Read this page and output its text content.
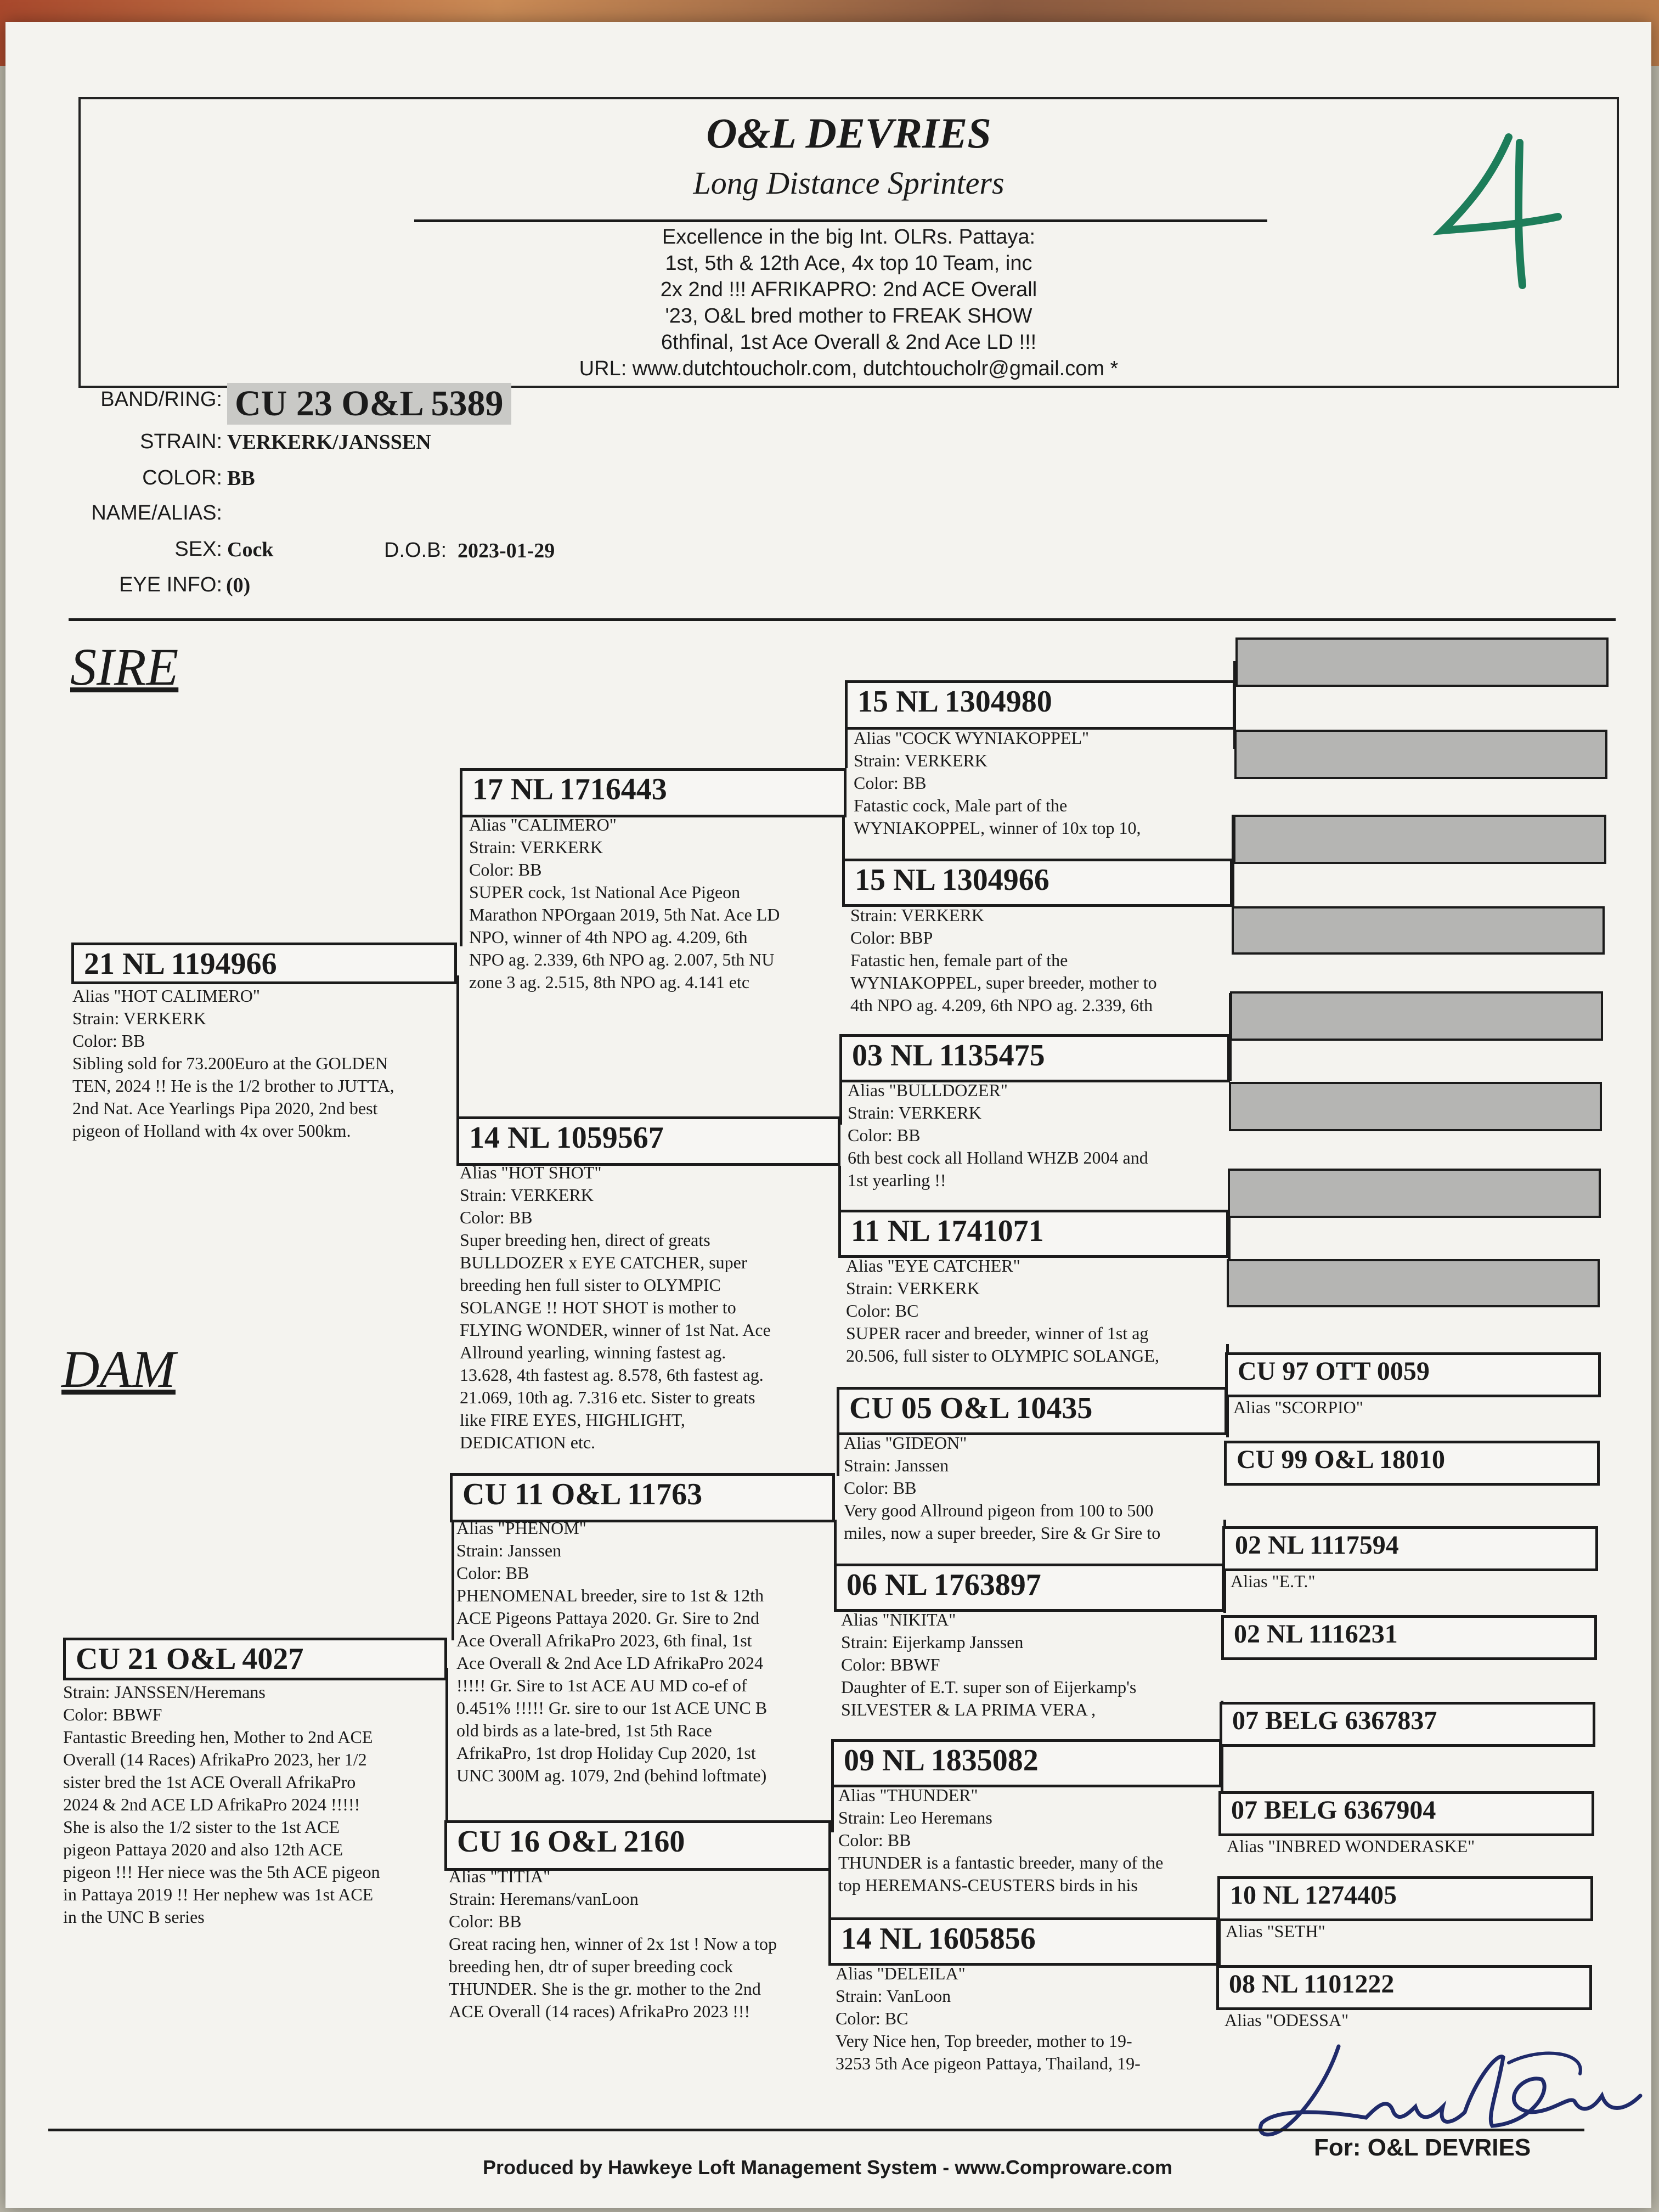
O&L DEVRIES
Long Distance Sprinters
Excellence in the big Int. OLRs. Pattaya:
1st, 5th & 12th Ace, 4x top 10 Team, inc
2x 2nd !!! AFRIKAPRO: 2nd ACE Overall
'23, O&L bred mother to FREAK SHOW
6thfinal, 1st Ace Overall & 2nd Ace LD !!!
URL: www.dutchtoucholr.com, dutchtoucholr@gmail.com *
BAND/RING: CU 23 O&L 5389
STRAIN: VERKERK/JANSSEN
COLOR: BB
NAME/ALIAS:
SEX: Cock	D.O.B: 2023-01-29
EYE INFO: (0)
SIRE
DAM
21 NL 1194966
Alias "HOT CALIMERO"
Strain: VERKERK
Color: BB
Sibling sold for 73.200Euro at the GOLDEN
TEN, 2024 !! He is the 1/2 brother to JUTTA,
2nd Nat. Ace Yearlings Pipa 2020, 2nd best
pigeon of Holland with 4x over 500km.
CU 21 O&L 4027
Strain: JANSSEN/Heremans
Color: BBWF
Fantastic Breeding hen, Mother to 2nd ACE
Overall (14 Races) AfrikaPro 2023, her 1/2
sister bred the 1st ACE Overall AfrikaPro
2024 & 2nd ACE LD AfrikaPro 2024 !!!!!
She is also the 1/2 sister to the 1st ACE
pigeon Pattaya 2020 and also 12th ACE
pigeon !!! Her niece was the 5th ACE pigeon
in Pattaya 2019 !! Her nephew was 1st ACE
in the UNC B series
17 NL 1716443
Alias "CALIMERO"
Strain: VERKERK
Color: BB
SUPER cock, 1st National Ace Pigeon
Marathon NPOrgaan 2019, 5th Nat. Ace LD
NPO, winner of 4th NPO ag. 4.209, 6th
NPO ag. 2.339, 6th NPO ag. 2.007, 5th NU
zone 3 ag. 2.515, 8th NPO ag. 4.141 etc
14 NL 1059567
Alias "HOT SHOT"
Strain: VERKERK
Color: BB
Super breeding hen, direct of greats
BULLDOZER x EYE CATCHER, super
breeding hen full sister to OLYMPIC
SOLANGE !! HOT SHOT is mother to
FLYING WONDER, winner of 1st Nat. Ace
Allround yearling, winning fastest ag.
13.628, 4th fastest ag. 8.578, 6th fastest ag.
21.069, 10th ag. 7.316 etc. Sister to greats
like FIRE EYES, HIGHLIGHT,
DEDICATION etc.
CU 11 O&L 11763
Alias "PHENOM"
Strain: Janssen
Color: BB
PHENOMENAL breeder, sire to 1st & 12th
ACE Pigeons Pattaya 2020. Gr. Sire to 2nd
Ace Overall AfrikaPro 2023, 6th final, 1st
Ace Overall & 2nd Ace LD AfrikaPro 2024
!!!!! Gr. Sire to 1st ACE AU MD co-ef of
0.451% !!!!! Gr. sire to our 1st ACE UNC B
old birds as a late-bred, 1st 5th Race
AfrikaPro, 1st drop Holiday Cup 2020, 1st
UNC 300M ag. 1079, 2nd (behind loftmate)
CU 16 O&L 2160
Alias "TITIA"
Strain: Heremans/vanLoon
Color: BB
Great racing hen, winner of 2x 1st ! Now a top
breeding hen, dtr of super breeding cock
THUNDER. She is the gr. mother to the 2nd
ACE Overall (14 races) AfrikaPro 2023 !!!
15 NL 1304980
Alias "COCK WYNIAKOPPEL"
Strain: VERKERK
Color: BB
Fatastic cock, Male part of the
WYNIAKOPPEL, winner of 10x top 10,
15 NL 1304966
Strain: VERKERK
Color: BBP
Fatastic hen, female part of the
WYNIAKOPPEL, super breeder, mother to
4th NPO ag. 4.209, 6th NPO ag. 2.339, 6th
03 NL 1135475
Alias "BULLDOZER"
Strain: VERKERK
Color: BB
6th best cock all Holland WHZB 2004 and
1st yearling !!
11 NL 1741071
Alias "EYE CATCHER"
Strain: VERKERK
Color: BC
SUPER racer and breeder, winner of 1st ag
20.506, full sister to OLYMPIC SOLANGE,
CU 05 O&L 10435
Alias "GIDEON"
Strain: Janssen
Color: BB
Very good Allround pigeon from 100 to 500
miles, now a super breeder, Sire & Gr Sire to
06 NL 1763897
Alias "NIKITA"
Strain: Eijerkamp Janssen
Color: BBWF
Daughter of E.T. super son of Eijerkamp's
SILVESTER & LA PRIMA VERA ,
09 NL 1835082
Alias "THUNDER"
Strain: Leo Heremans
Color: BB
THUNDER is a fantastic breeder, many of the
top HEREMANS-CEUSTERS birds in his
14 NL 1605856
Alias "DELEILA"
Strain: VanLoon
Color: BC
Very Nice hen, Top breeder, mother to 19-
3253 5th Ace pigeon Pattaya, Thailand, 19-
CU 97 OTT 0059
Alias "SCORPIO"
CU 99 O&L 18010
02 NL 1117594
Alias "E.T."
02 NL 1116231
07 BELG 6367837
07 BELG 6367904
Alias "INBRED WONDERASKE"
10 NL 1274405
Alias "SETH"
08 NL 1101222
Alias "ODESSA"
For: O&L DEVRIES
Produced by Hawkeye Loft Management System - www.Comproware.com
